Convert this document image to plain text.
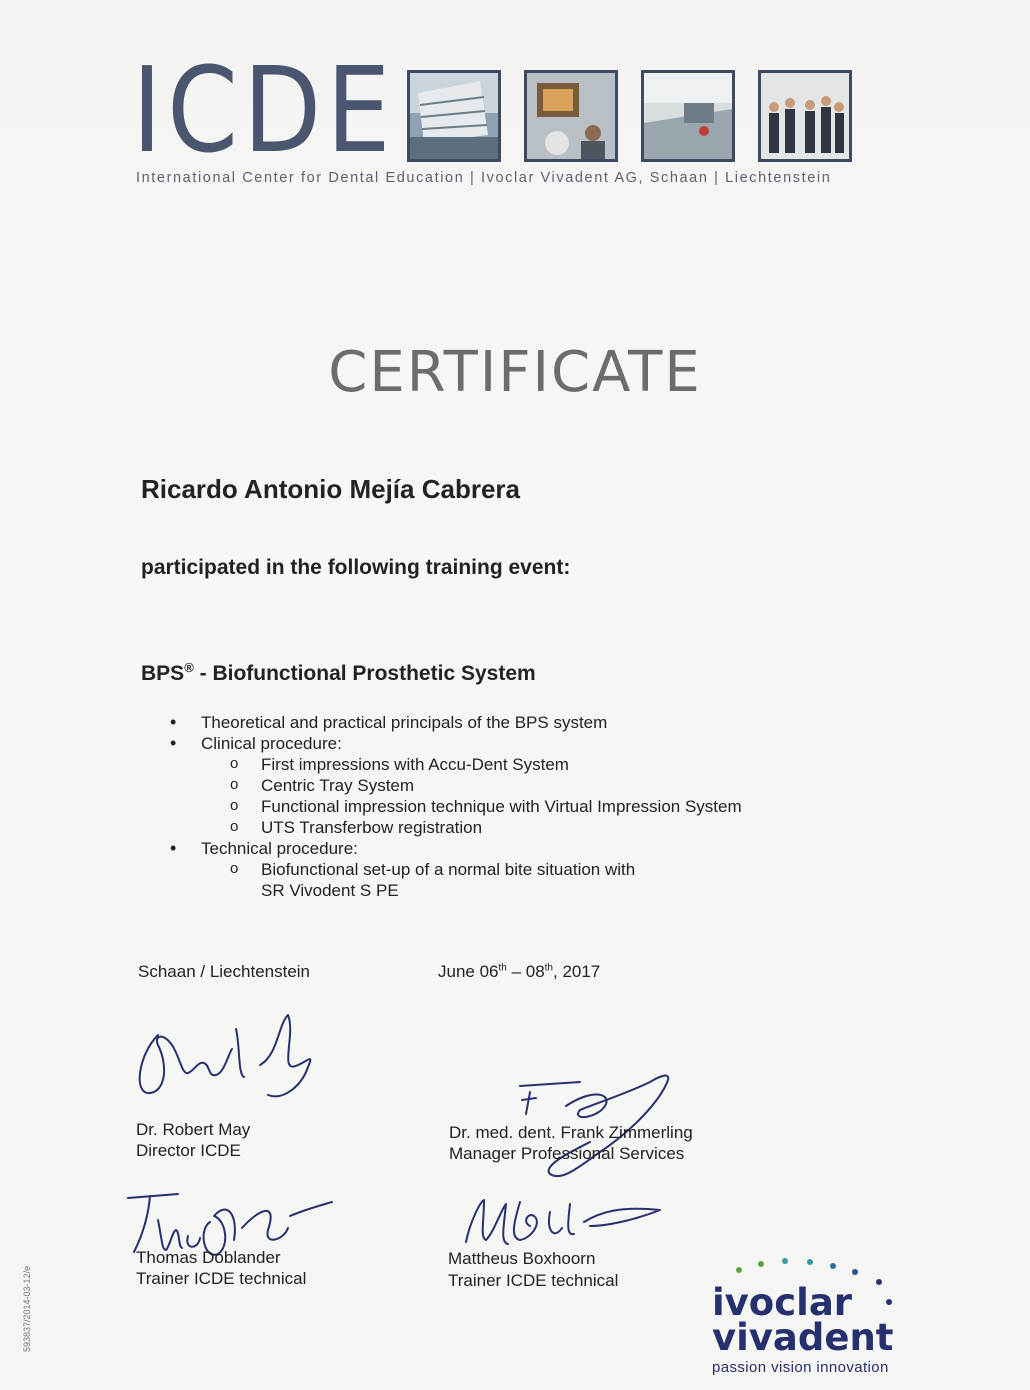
ICDE
International Center for Dental Education | Ivoclar Vivadent AG, Schaan | Liechtenstein
CERTIFICATE
Ricardo Antonio Mejía Cabrera
participated in the following training event:
BPS® - Biofunctional Prosthetic System
• Theoretical and practical principals of the BPS system
• Clinical procedure:
o First impressions with Accu-Dent System
o Centric Tray System
o Functional impression technique with Virtual Impression System
o UTS Transferbow registration
• Technical procedure:
o Biofunctional set-up of a normal bite situation with
SR Vivodent S PE
Schaan / Liechtenstein	June 06th – 08th, 2017
Dr. Robert May
Director ICDE
Dr. med. dent. Frank Zimmerling
Manager Professional Services
Thomas Doblander
Trainer ICDE technical
Mattheus Boxhoorn
Trainer ICDE technical
ivoclar
vivadent
passion vision innovation
593837/2014-03-12/e
